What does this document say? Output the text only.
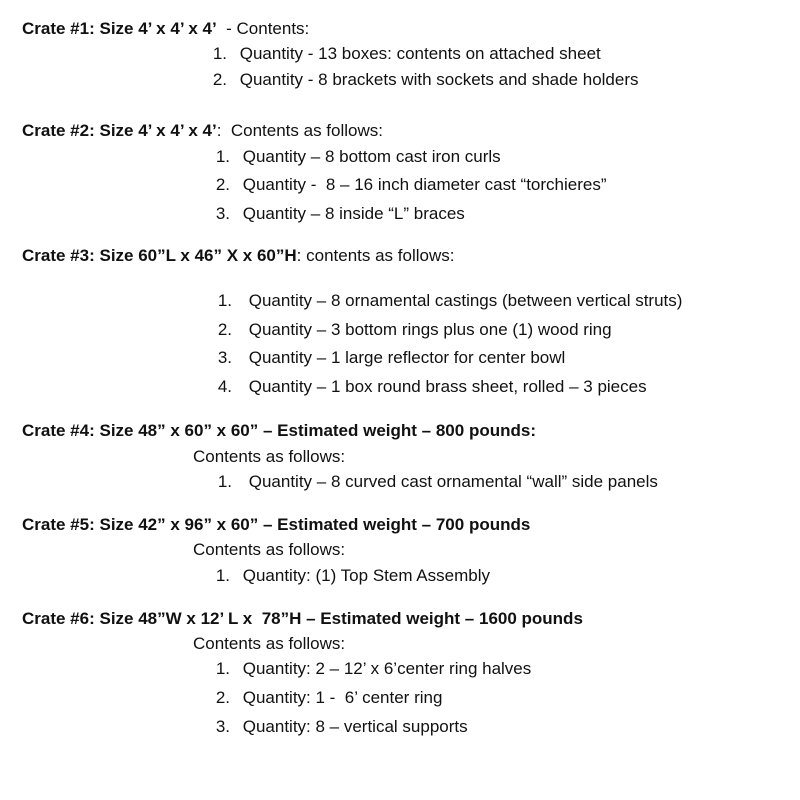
Crate #1: Size 4’ x 4’ x 4’  - Contents:
1. Quantity - 13 boxes: contents on attached sheet
2. Quantity - 8 brackets with sockets and shade holders
Crate #2: Size 4’ x 4’ x 4’:  Contents as follows:
1. Quantity – 8 bottom cast iron curls
2. Quantity -  8 – 16 inch diameter cast “torchieres”
3. Quantity – 8 inside “L” braces
Crate #3: Size 60”L x 46” X x 60”H: contents as follows:
1. Quantity – 8 ornamental castings (between vertical struts)
2. Quantity – 3 bottom rings plus one (1) wood ring
3. Quantity – 1 large reflector for center bowl
4. Quantity – 1 box round brass sheet, rolled – 3 pieces
Crate #4: Size 48” x 60” x 60” – Estimated weight – 800 pounds:
Contents as follows:
1. Quantity – 8 curved cast ornamental “wall” side panels
Crate #5: Size 42” x 96” x 60” – Estimated weight – 700 pounds
Contents as follows:
1. Quantity: (1) Top Stem Assembly
Crate #6: Size 48”W x 12’ L x  78”H – Estimated weight – 1600 pounds
Contents as follows:
1. Quantity: 2 – 12’ x 6’center ring halves
2. Quantity: 1 -  6’ center ring
3. Quantity: 8 – vertical supports
